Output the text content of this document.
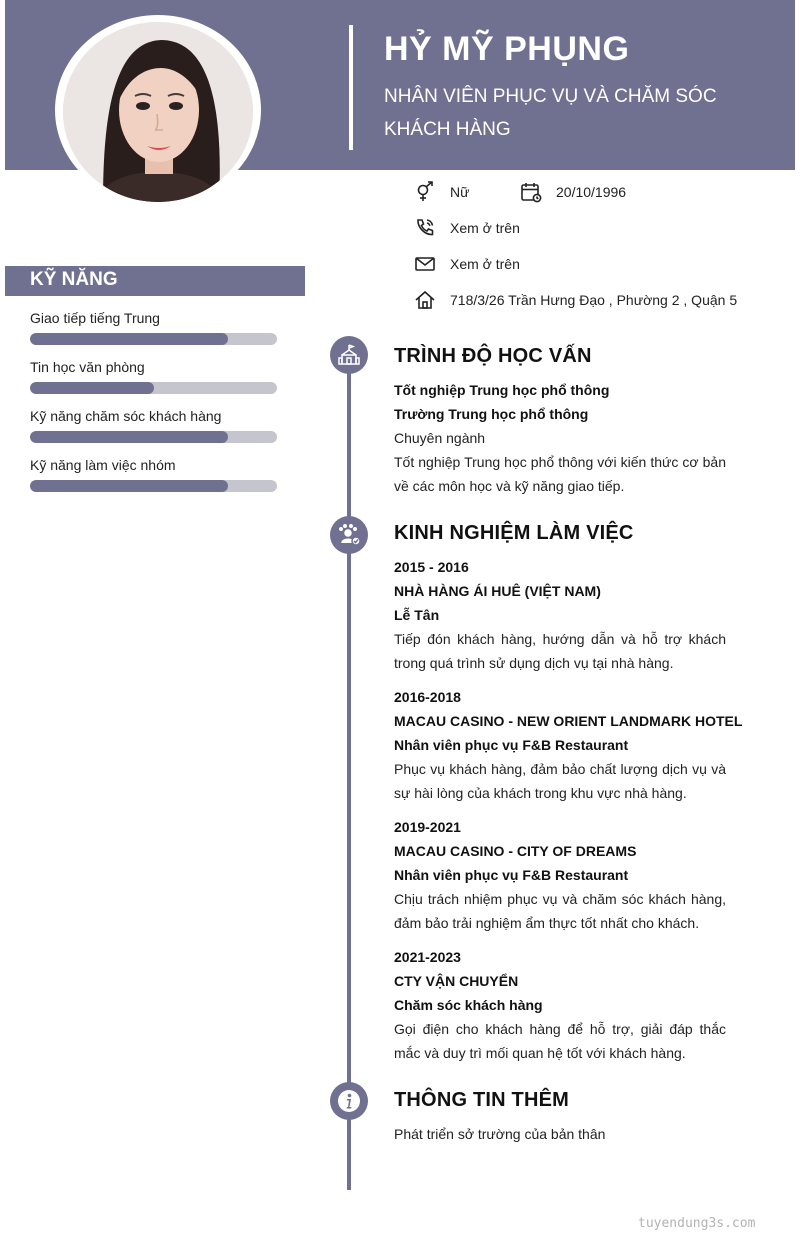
HỶ MỸ PHỤNG
NHÂN VIÊN PHỤC VỤ VÀ CHĂM SÓC KHÁCH HÀNG
Nữ	20/10/1996
Xem ở trên
Xem ở trên
718/3/26 Trần Hưng Đạo , Phường 2 , Quận 5
KỸ NĂNG
Giao tiếp tiếng Trung
Tin học văn phòng
Kỹ năng chăm sóc khách hàng
Kỹ năng làm việc nhóm
TRÌNH ĐỘ HỌC VẤN
Tốt nghiệp Trung học phổ thông
Trường Trung học phổ thông
Chuyên ngành
Tốt nghiệp Trung học phổ thông với kiến thức cơ bản về các môn học và kỹ năng giao tiếp.
KINH NGHIỆM LÀM VIỆC
2015 - 2016
NHÀ HÀNG ÁI HUÊ (VIỆT NAM)
Lễ Tân
Tiếp đón khách hàng, hướng dẫn và hỗ trợ khách trong quá trình sử dụng dịch vụ tại nhà hàng.
2016-2018
MACAU CASINO - NEW ORIENT LANDMARK HOTEL
Nhân viên phục vụ F&B Restaurant
Phục vụ khách hàng, đảm bảo chất lượng dịch vụ và sự hài lòng của khách trong khu vực nhà hàng.
2019-2021
MACAU CASINO - CITY OF DREAMS
Nhân viên phục vụ F&B Restaurant
Chịu trách nhiệm phục vụ và chăm sóc khách hàng, đảm bảo trải nghiệm ẩm thực tốt nhất cho khách.
2021-2023
CTY VẬN CHUYỂN
Chăm sóc khách hàng
Gọi điện cho khách hàng để hỗ trợ, giải đáp thắc mắc và duy trì mối quan hệ tốt với khách hàng.
THÔNG TIN THÊM
Phát triển sở trường của bản thân
tuyendung3s.com
